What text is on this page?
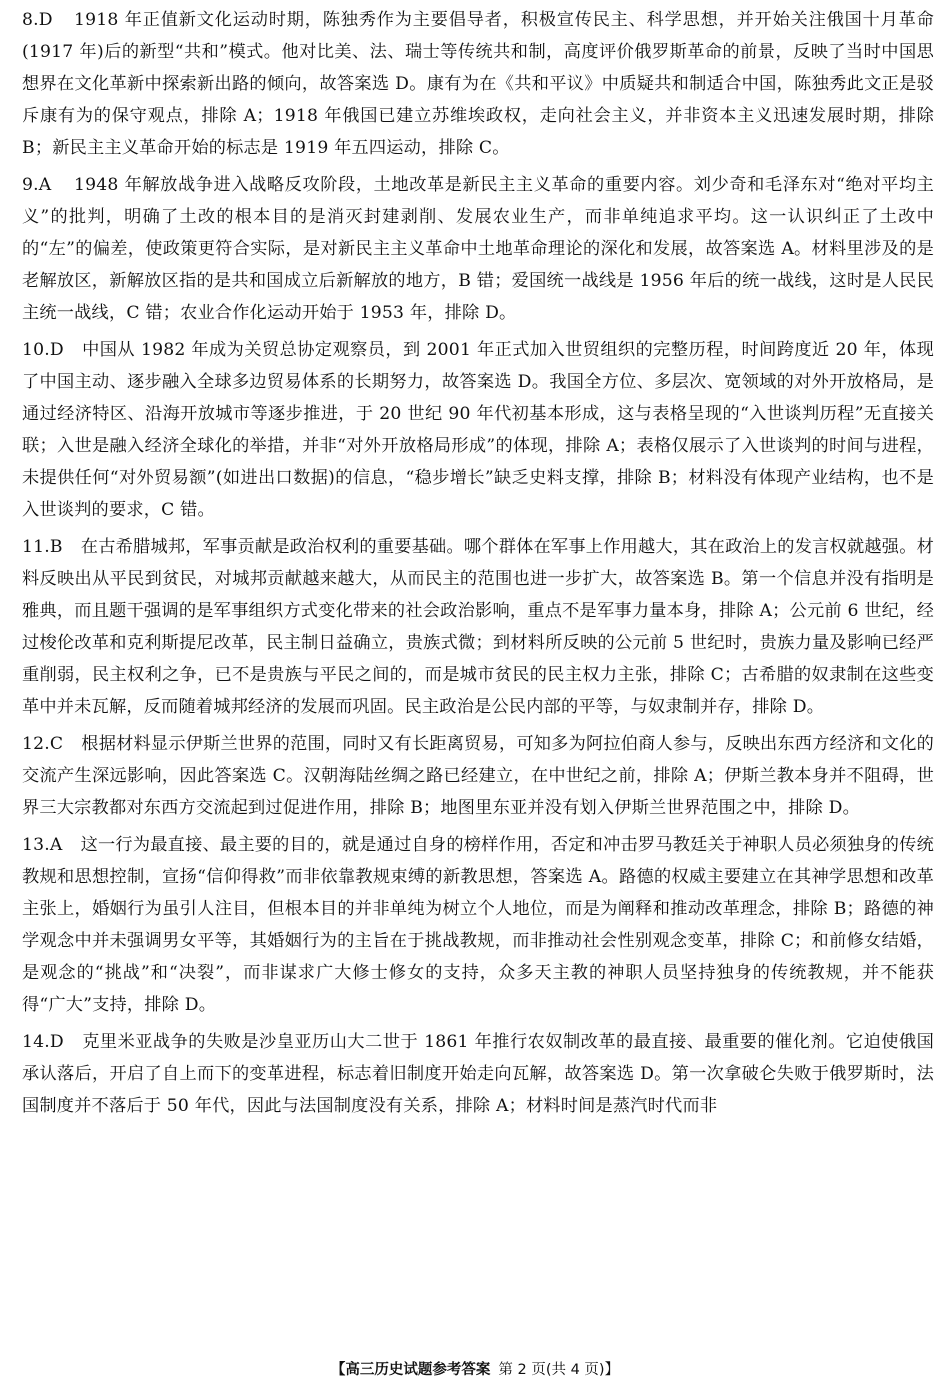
8.D 1918 年正值新文化运动时期，陈独秀作为主要倡导者，积极宣传民主、科学思想，并开始关注俄国十月革命(1917 年)后的新型“共和”模式。他对比美、法、瑞士等传统共和制，高度评价俄罗斯革命的前景，反映了当时中国思想界在文化革新中探索新出路的倾向，故答案选 D。康有为在《共和平议》中质疑共和制适合中国，陈独秀此文正是驳斥康有为的保守观点，排除 A；1918 年俄国已建立苏维埃政权，走向社会主义，并非资本主义迅速发展时期，排除 B；新民主主义革命开始的标志是 1919 年五四运动，排除 C。
9.A 1948 年解放战争进入战略反攻阶段，土地改革是新民主主义革命的重要内容。刘少奇和毛泽东对“绝对平均主义”的批判，明确了土改的根本目的是消灭封建剥削、发展农业生产，而非单纯追求平均。这一认识纠正了土改中的“左”的偏差，使政策更符合实际，是对新民主主义革命中土地革命理论的深化和发展，故答案选 A。材料里涉及的是老解放区，新解放区指的是共和国成立后新解放的地方，B 错；爱国统一战线是 1956 年后的统一战线，这时是人民民主统一战线，C 错；农业合作化运动开始于 1953 年，排除 D。
10.D 中国从 1982 年成为关贸总协定观察员，到 2001 年正式加入世贸组织的完整历程，时间跨度近 20 年，体现了中国主动、逐步融入全球多边贸易体系的长期努力，故答案选 D。我国全方位、多层次、宽领域的对外开放格局，是通过经济特区、沿海开放城市等逐步推进，于 20 世纪 90 年代初基本形成，这与表格呈现的“入世谈判历程”无直接关联；入世是融入经济全球化的举措，并非“对外开放格局形成”的体现，排除 A；表格仅展示了入世谈判的时间与进程，未提供任何“对外贸易额”(如进出口数据)的信息，“稳步增长”缺乏史料支撑，排除 B；材料没有体现产业结构，也不是入世谈判的要求，C 错。
11.B 在古希腊城邦，军事贡献是政治权利的重要基础。哪个群体在军事上作用越大，其在政治上的发言权就越强。材料反映出从平民到贫民，对城邦贡献越来越大，从而民主的范围也进一步扩大，故答案选 B。第一个信息并没有指明是雅典，而且题干强调的是军事组织方式变化带来的社会政治影响，重点不是军事力量本身，排除 A；公元前 6 世纪，经过梭伦改革和克利斯提尼改革，民主制日益确立，贵族式微；到材料所反映的公元前 5 世纪时，贵族力量及影响已经严重削弱，民主权利之争，已不是贵族与平民之间的，而是城市贫民的民主权力主张，排除 C；古希腊的奴隶制在这些变革中并未瓦解，反而随着城邦经济的发展而巩固。民主政治是公民内部的平等，与奴隶制并存，排除 D。
12.C 根据材料显示伊斯兰世界的范围，同时又有长距离贸易，可知多为阿拉伯商人参与，反映出东西方经济和文化的交流产生深远影响，因此答案选 C。汉朝海陆丝绸之路已经建立，在中世纪之前，排除 A；伊斯兰教本身并不阻碍，世界三大宗教都对东西方交流起到过促进作用，排除 B；地图里东亚并没有划入伊斯兰世界范围之中，排除 D。
13.A 这一行为最直接、最主要的目的，就是通过自身的榜样作用，否定和冲击罗马教廷关于神职人员必须独身的传统教规和思想控制，宣扬“信仰得救”而非依靠教规束缚的新教思想，答案选 A。路德的权威主要建立在其神学思想和改革主张上，婚姻行为虽引人注目，但根本目的并非单纯为树立个人地位，而是为阐释和推动改革理念，排除 B；路德的神学观念中并未强调男女平等，其婚姻行为的主旨在于挑战教规，而非推动社会性别观念变革，排除 C；和前修女结婚，是观念的“挑战”和“决裂”，而非谋求广大修士修女的支持，众多天主教的神职人员坚持独身的传统教规，并不能获得“广大”支持，排除 D。
14.D 克里米亚战争的失败是沙皇亚历山大二世于 1861 年推行农奴制改革的最直接、最重要的催化剂。它迫使俄国承认落后，开启了自上而下的变革进程，标志着旧制度开始走向瓦解，故答案选 D。第一次拿破仑失败于俄罗斯时，法国制度并不落后于 50 年代，因此与法国制度没有关系，排除 A；材料时间是蒸汽时代而非
【高三历史试题参考答案 第 2 页(共 4 页)】
